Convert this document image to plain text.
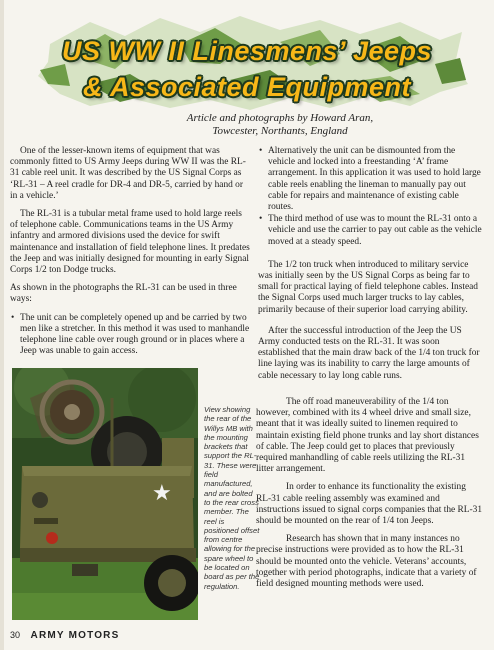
US WW II Linesmens’ Jeeps
& Associated Equipment
Article and photographs by Howard Aran,
Towcester, Northants, England

One of the lesser-known items of equipment that was commonly fitted to US Army Jeeps during WW II was the RL-31 cable reel unit. It was described by the US Signal Corps as ‘RL-31 – A reel cradle for DR-4 and DR-5, carried by hand or in a vehicle.’

The RL-31 is a tubular metal frame used to hold large reels of telephone cable. Communications teams in the US Army infantry and armored divisions used the device for swift maintenance and installation of field telephone lines. It predates the Jeep and was initially designed for mounting in early Signal Corps 1/2 ton Dodge trucks.

As shown in the photographs the RL-31 can be used in three ways:

• The unit can be completely opened up and be carried by two men like a stretcher. In this method it was used to manhandle telephone line cable over rough ground or in places where a Jeep was unable to gain access.
• Alternatively the unit can be dismounted from the vehicle and locked into a freestanding ‘A’ frame arrangement. In this application it was used to hold large cable reels enabling the lineman to manually pay out cable for repairs and maintenance of existing cable routes.
• The third method of use was to mount the RL-31 onto a vehicle and use the carrier to pay out cable as the vehicle moved at a steady speed.

The 1/2 ton truck when introduced to military service was initially seen by the US Signal Corps as being far to small for practical laying of field telephone cables. Instead the Signal Corps used much larger trucks to lay cables, primarily because of their superior load carrying ability.

After the successful introduction of the Jeep the US Army conducted tests on the RL-31. It was soon established that the main draw back of the 1/4 ton truck for line laying was its inability to carry the large amounts of cable necessary to lay long cable runs.

★
View showing the rear of the Willys MB with the mounting brackets that support the RL-31. These were field manufactured, and are bolted to the rear cross member. The reel is positioned offset from centre allowing for the spare wheel to be located on board as per the regulation.

The off road maneuverability of the 1/4 ton however, combined with its 4 wheel drive and small size, meant that it was ideally suited to linemen required to maintain existing field phone trunks and lay short distances of cable. The Jeep could get to places that previously required manhandling of cable reels utilizing the RL-31 litter arrangement.

In order to enhance its functionality the existing RL-31 cable reeling assembly was examined and instructions issued to signal corps companies that the RL-31 should be mounted on the rear of 1/4 ton Jeeps.

Research has shown that in many instances no precise instructions were provided as to how the RL-31 should be mounted onto the vehicle. Veterans’ accounts, together with period photographs, indicate that a variety of field designed mounting methods were used.

30 ARMY MOTORS
